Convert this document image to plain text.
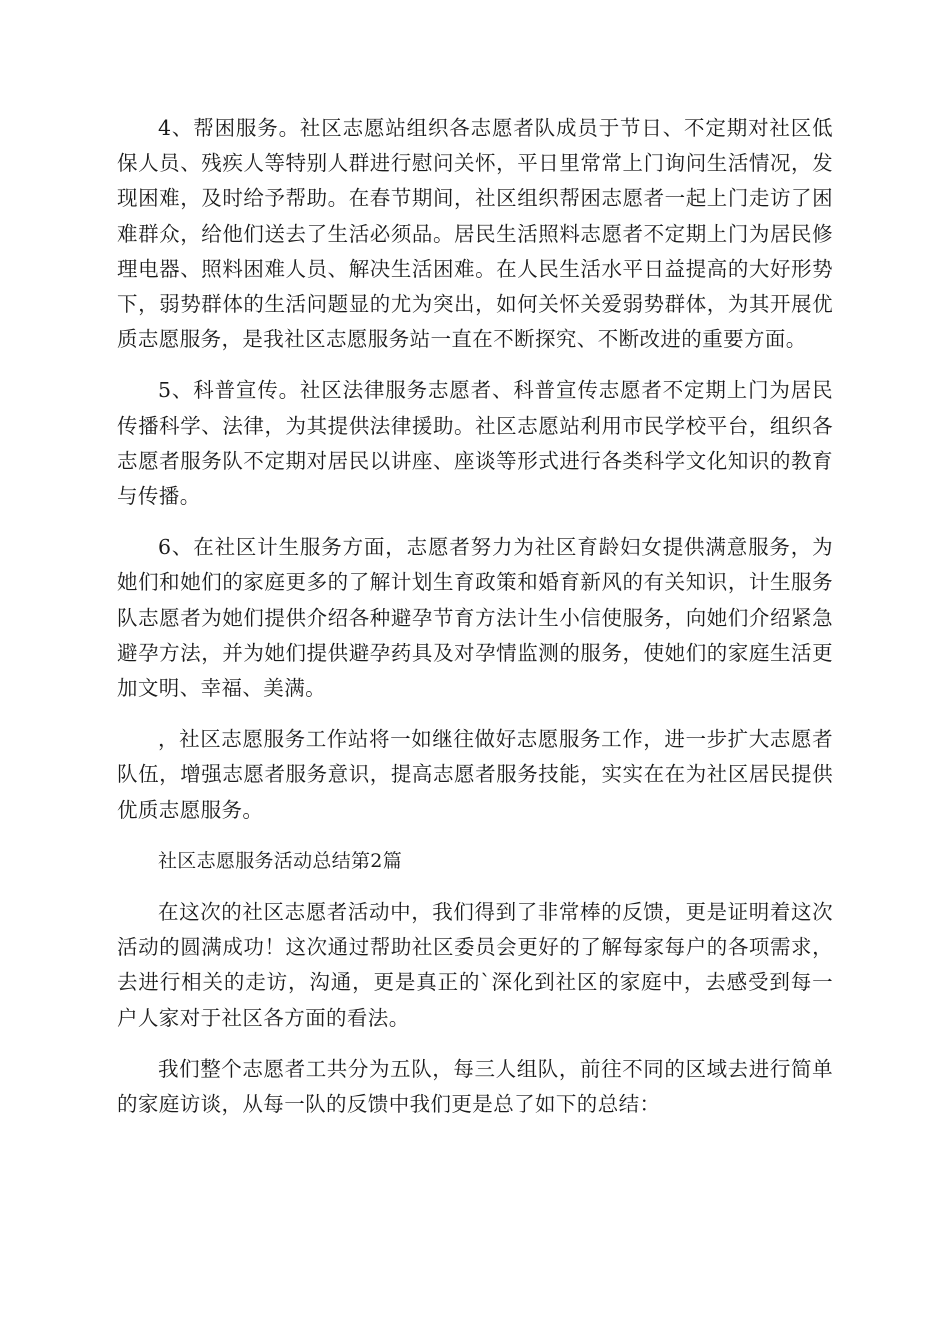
4、帮困服务。社区志愿站组织各志愿者队成员于节日、不定期对社区低保人员、残疾人等特别人群进行慰问关怀，平日里常常上门询问生活情况，发现困难，及时给予帮助。在春节期间，社区组织帮困志愿者一起上门走访了困难群众，给他们送去了生活必须品。居民生活照料志愿者不定期上门为居民修理电器、照料困难人员、解决生活困难。在人民生活水平日益提高的大好形势下，弱势群体的生活问题显的尤为突出，如何关怀关爱弱势群体，为其开展优质志愿服务，是我社区志愿服务站一直在不断探究、不断改进的重要方面。

5、科普宣传。社区法律服务志愿者、科普宣传志愿者不定期上门为居民传播科学、法律，为其提供法律援助。社区志愿站利用市民学校平台，组织各志愿者服务队不定期对居民以讲座、座谈等形式进行各类科学文化知识的教育与传播。

6、在社区计生服务方面，志愿者努力为社区育龄妇女提供满意服务，为她们和她们的家庭更多的了解计划生育政策和婚育新风的有关知识，计生服务队志愿者为她们提供介绍各种避孕节育方法计生小信使服务，向她们介绍紧急避孕方法，并为她们提供避孕药具及对孕情监测的服务，使她们的家庭生活更加文明、幸福、美满。

，社区志愿服务工作站将一如继往做好志愿服务工作，进一步扩大志愿者队伍，增强志愿者服务意识，提高志愿者服务技能，实实在在为社区居民提供优质志愿服务。

社区志愿服务活动总结第2篇

在这次的社区志愿者活动中，我们得到了非常棒的反馈，更是证明着这次活动的圆满成功！这次通过帮助社区委员会更好的了解每家每户的各项需求，去进行相关的走访，沟通，更是真正的`深化到社区的家庭中，去感受到每一户人家对于社区各方面的看法。

我们整个志愿者工共分为五队，每三人组队，前往不同的区域去进行简单的家庭访谈，从每一队的反馈中我们更是总了如下的总结：
